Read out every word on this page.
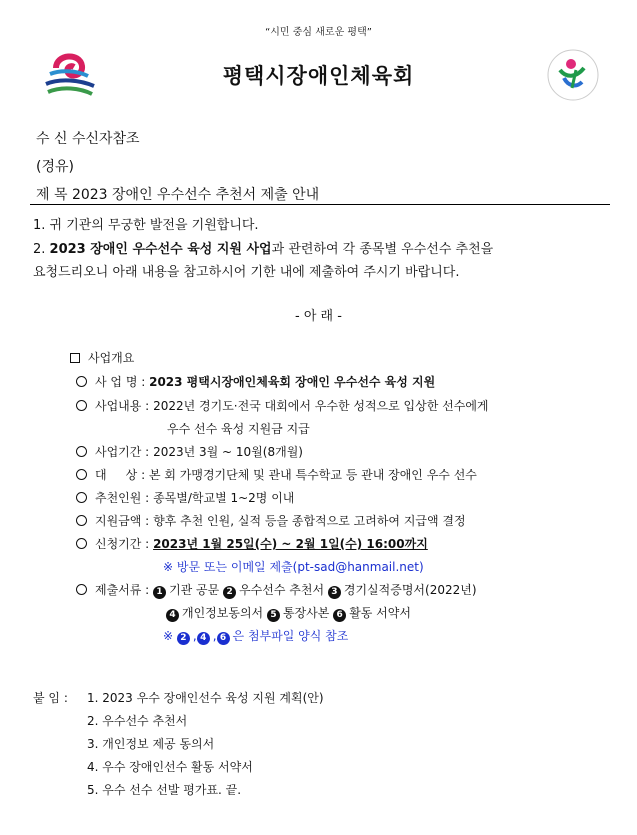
“시민 중심 새로운 평택”
평택시장애인체육회
수 신 수신자참조
(경유)
제 목 2023 장애인 우수선수 추천서 제출 안내
1. 귀 기관의 무궁한 발전을 기원합니다.
2. 2023 장애인 우수선수 육성 지원 사업과 관련하여 각 종목별 우수선수 추천을
요청드리오니 아래 내용을 참고하시어 기한 내에 제출하여 주시기 바랍니다.
- 아 래 -
사업개요
사 업 명 : 2023 평택시장애인체육회 장애인 우수선수 육성 지원
사업내용 : 2022년 경기도·전국 대회에서 우수한 성적으로 입상한 선수에게
우수 선수 육성 지원금 지급
사업기간 : 2023년 3월 ~ 10월(8개월)
대     상 : 본 회 가맹경기단체 및 관내 특수학교 등 관내 장애인 우수 선수
추천인원 : 종목별/학교별 1~2명 이내
지원금액 : 향후 추천 인원, 실적 등을 종합적으로 고려하여 지급액 결정
신청기간 : 2023년 1월 25일(수) ~ 2월 1일(수) 16:00까지
※ 방문 또는 이메일 제출(pt-sad@hanmail.net)
제출서류 : 1 기관 공문 2 우수선수 추천서 3 경기실적증명서(2022년)
4 개인정보동의서 5 통장사본 6 활동 서약서
※ 2 , 4 , 6 은 첨부파일 양식 참조
붙 임 : 1. 2023 우수 장애인선수 육성 지원 계획(안)
2. 우수선수 추천서
3. 개인정보 제공 동의서
4. 우수 장애인선수 활동 서약서
5. 우수 선수 선발 평가표. 끝.
